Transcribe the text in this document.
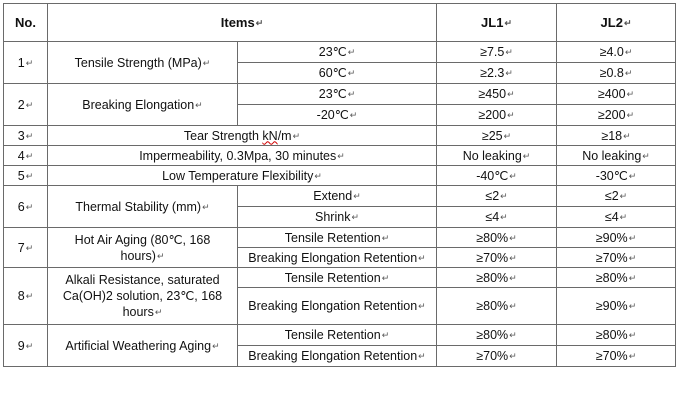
No.	Items↵		JL1↵	JL2↵
1↵	Tensile Strength (MPa)↵	23℃↵	≥7.5↵	≥4.0↵
		60℃↵	≥2.3↵	≥0.8↵
2↵	Breaking Elongation↵	23℃↵	≥450↵	≥400↵
		-20℃↵	≥200↵	≥200↵
3↵	Tear Strength kN/m↵		≥25↵	≥18↵
4↵	Impermeability, 0.3Mpa, 30 minutes↵		No leaking↵	No leaking↵
5↵	Low Temperature Flexibility↵		-40℃↵	-30℃↵
6↵	Thermal Stability (mm)↵	Extend↵	≤2↵	≤2↵
		Shrink↵	≤4↵	≤4↵
7↵	Hot Air Aging (80℃, 168 hours)↵	Tensile Retention↵	≥80%↵	≥90%↵
		Breaking Elongation Retention↵	≥70%↵	≥70%↵
8↵	Alkali Resistance, saturated Ca(OH)2 solution, 23℃, 168 hours↵	Tensile Retention↵	≥80%↵	≥80%↵
		Breaking Elongation Retention↵	≥80%↵	≥90%↵
9↵	Artificial Weathering Aging↵	Tensile Retention↵	≥80%↵	≥80%↵
		Breaking Elongation Retention↵	≥70%↵	≥70%↵
